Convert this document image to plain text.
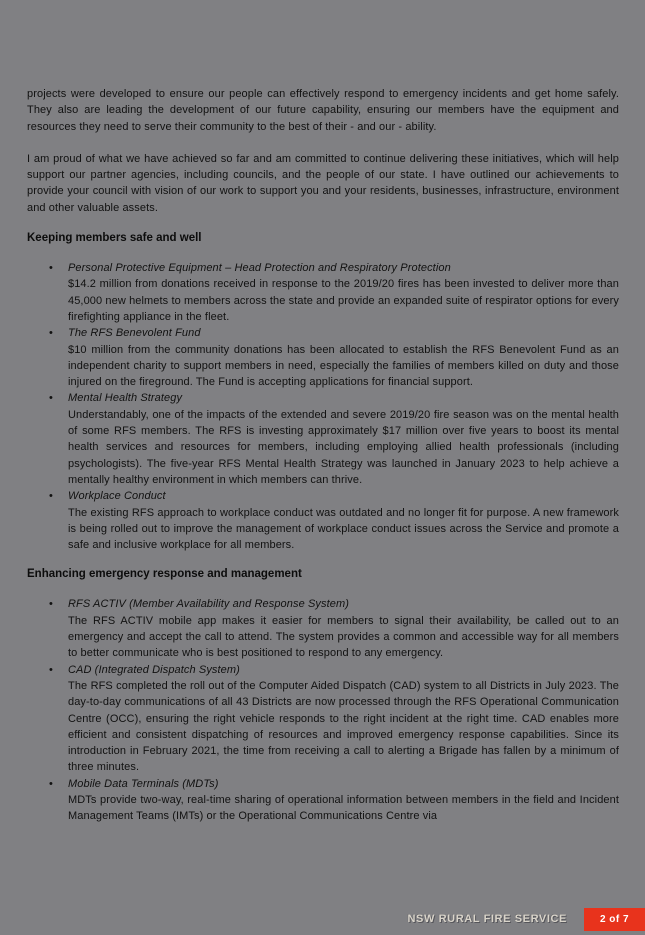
projects were developed to ensure our people can effectively respond to emergency incidents and get home safely. They also are leading the development of our future capability, ensuring our members have the equipment and resources they need to serve their community to the best of their - and our - ability.

I am proud of what we have achieved so far and am committed to continue delivering these initiatives, which will help support our partner agencies, including councils, and the people of our state. I have outlined our achievements to provide your council with vision of our work to support you and your residents, businesses, infrastructure, environment and other valuable assets.

Keeping members safe and well
• Personal Protective Equipment – Head Protection and Respiratory Protection
$14.2 million from donations received in response to the 2019/20 fires has been invested to deliver more than 45,000 new helmets to members across the state and provide an expanded suite of respirator options for every firefighting appliance in the fleet.
• The RFS Benevolent Fund
$10 million from the community donations has been allocated to establish the RFS Benevolent Fund as an independent charity to support members in need, especially the families of members killed on duty and those injured on the fireground. The Fund is accepting applications for financial support.
• Mental Health Strategy
Understandably, one of the impacts of the extended and severe 2019/20 fire season was on the mental health of some RFS members. The RFS is investing approximately $17 million over five years to boost its mental health services and resources for members, including employing allied health professionals (including psychologists). The five-year RFS Mental Health Strategy was launched in January 2023 to help achieve a mentally healthy environment in which members can thrive.
• Workplace Conduct
The existing RFS approach to workplace conduct was outdated and no longer fit for purpose. A new framework is being rolled out to improve the management of workplace conduct issues across the Service and promote a safe and inclusive workplace for all members.
Enhancing emergency response and management
• RFS ACTIV (Member Availability and Response System)
The RFS ACTIV mobile app makes it easier for members to signal their availability, be called out to an emergency and accept the call to attend. The system provides a common and accessible way for all members to better communicate who is best positioned to respond to any emergency.
• CAD (Integrated Dispatch System)
The RFS completed the roll out of the Computer Aided Dispatch (CAD) system to all Districts in July 2023. The day-to-day communications of all 43 Districts are now processed through the RFS Operational Communication Centre (OCC), ensuring the right vehicle responds to the right incident at the right time. CAD enables more efficient and consistent dispatching of resources and improved emergency response capabilities. Since its introduction in February 2021, the time from receiving a call to alerting a Brigade has fallen by a minimum of three minutes.
• Mobile Data Terminals (MDTs)
MDTs provide two-way, real-time sharing of operational information between members in the field and Incident Management Teams (IMTs) or the Operational Communications Centre via
NSW RURAL FIRE SERVICE	2 of 7
